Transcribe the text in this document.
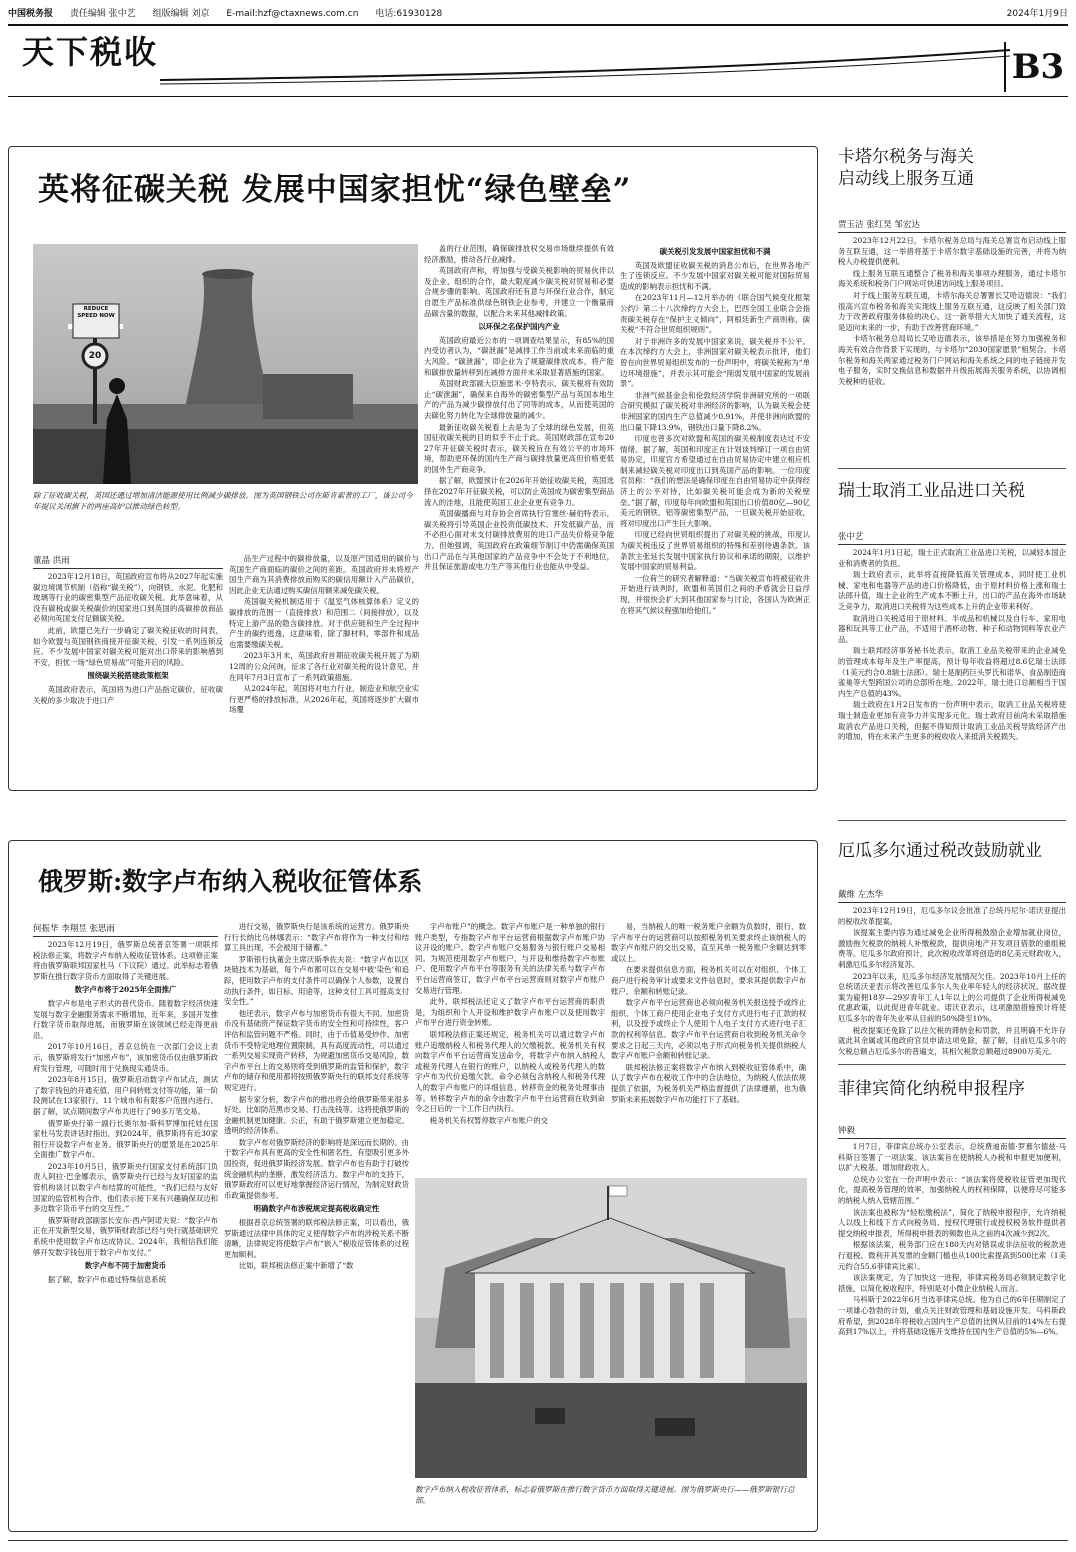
中国税务报 责任编辑 张中艺 组版编辑 刘京 E-mail:hzf@ctaxnews.com.cn 电话:61930128	2024年1月9日
天下税收	B3
英将征碳关税 发展中国家担忧“绿色壁垒”
REDUCE SPEED NOW
20
除了征收碳关税，英国还通过增加清洁能源使用比例减少碳排放。图为英国钢铁公司在斯肯索普的工厂，该公司今年提议关闭旗下的两座高炉以推动绿色转型。
董晶 洪雨

2023年12月18日，英国政府宣布将从2027年起实施碳边境调节机制（俗称“碳关税”），向钢铁、水泥、化肥和玻璃等行业的碳密集型产品征收碳关税。此举意味着，从没有碳税或碳关税碳价的国家进口到英国的高碳排放商品必须向英国支付足额碳关税。

此前，欧盟已先行一步确定了碳关税征收的时间表，如今欧盟与英国钢铁商接开征碳关税，引发一系列连锁反应。不少发展中国家对碳关税可能对出口带来的影响感到不安，担忧一场“绿色贸易战”可能开启的风险。

围绕碳关税搭建政策框架

英国政府表示，英国将为进口产品指定碳价，征收碳关税的多少取决于进口产

品生产过程中的碳排放量，以及原产国适用的碳价与英国生产商面临的碳价之间的差距。英国政府并未将原产国生产商为其消费排放而购买的碳信用额计入产品碳价，因此企业无法通过购买碳信用额来减免碳关税。

英国碳关税机制适用于《温室气体核算体系》定义的碳排放的范围一（直接排放）和范围二（间接排放），以及特定上游产品的隐含碳排放。对于供应链和生产全过程中产生的碳约逃逸，这意味着，除了脚材料，零部件和成品也需要缴碳关税。

2023年3月末，英国政府首期征收碳关税开展了为期12周的公众问询，征求了各行业对碳关税的设计意见，并在同年7月3日宣布了一系列政策措施。

从2024年起，英国将对电力行业、制造业和航空业实行更严格的排放标准，从2026年起，英国将逐步扩大碳市场覆

盖的行业范围，确保碳排放权交易市场继续提供有效经济激励，推动各行业减排。

英国政府声称，将加强与受碳关税影响的贸易伙伴以及企业、组织的合作，最大限度减少碳关税对贸易和必要合规步骤的影响。英国政府还有意与环保行业合作，制定自愿生产品标准供绿色钢铁企业参考，并建立一个衡量商品碳含量的数据，以配合未来其他减排政策。

以环保之名保护国内产业

英国政府最近公布的一项调查结果显示，有85%的国内受访者认为，“碳泄漏”是减排工作当前或未来面临的重大风险。“碳泄漏”，即企业为了规避碳排放成本，将产能和碳排放量转移到在减排方面并未采取显著措施的国家。

英国财政部副大臣施雷米·亨特表示，碳关税将有效防止“碳泄漏”，确保来自海外的碳密集型产品与英国本地生产的产品为减少碳排放付出了同等的成本，从而使英国的去碳化努力转化为全球排放量的减少。

最新征收碳关税看上去是为了全球的绿色发展，但英国征收碳关税的目的似乎不止于此。英国财政部在宣布2027年开征碳关税时表示，碳关税旨在有效公平的市场环境，帮助更环保的国内生产商与碳排放量更高但价格更低的国外生产商竞争。

据了解，欧盟预计在2026年开始征收碳关税，英国选择在2027年开征碳关税，可以防止英国成为碳密集型商品流入的洼地，且能使英国工业企业更有竞争力。

英国碳播商与对存协会首席执行官塞丝·赫伯特表示，碳关税将引导英国企业投资低碳技术、开发低碳产品，而不必担心面对未支付碳排放费用的进口产品失价格竞争能力。但她强调，英国政府在政策细节制订中仍需确保英国出口产品在与其他国家的产品竞争中不会处于不利地位，并且保证旅游或电力生产等其他行业也能从中受益。

碳关税引发发展中国家担忧和不满

英国及欧盟征收碳关税的消息公布后，在世界各地产生了连锁反应。不少发展中国家对碳关税可能对国际贸易造成的影响表示担忧和不满。

在2023年11月—12月举办的《联合国气候变化框架公约》第二十八次缔约方大会上，巴西全国工业联合会指责碳关税存在“保护主义倾向”，阿根廷新生产商则称，碳关税“不符合世贸组织规则”。

对于非洲许多的发展中国家来说，碳关税并不公平。在本次缔约方大会上，非洲国家对碳关税表示批评，他们曾在向世界贸易组织发布的一份声明中，将碳关税称为“单边环境措施”，并表示其可能会“削弱发展中国家的发展前景”。

非洲气候基金会和伦敦经济学院非洲研究所的一项联合研究模拟了碳关税对非洲经济的影响，认为碳关税会使非洲国家的国内生产总值减少0.91%，并使非洲向欧盟的出口量下降13.9%，钢铁出口量下降8.2%。

印度也曾多次对欧盟和英国的碳关税制度表达过不安情绪。据了解，英国和印度正在计划谈判缔订一项自由贸易协定，印度官方希望通过在自由贸易协定中建立相应机制来减轻碳关税对印度出口到英国产品的影响。一位印度官员称：“我们的想法是确保印度在自由贸易协定中获得经济上的公平对待，比如碳关税可能会成为新的关税壁垒。”据了解，印度每年向欧盟和英国出口价值80亿—90亿美元的钢铁、铝等碳密集型产品，一旦碳关税开始征收，将对印度出口产生巨大影响。

印度已经向世贸组织提出了对碳关税的挑战，印度认为碳关税违反了世界贸易组织的特殊和差别待遇条款。该条款主张延长发展中国家执行协议和承诺的期限，以维护发展中国家的贸易利益。

一位荷兰的研究者解释道：“当碳关税宣布将被征收并开始进行谈判时，欧盟和英国们之间的矛盾就会日益浮现，并很快会扩大到其他国家参与讨论，各国认为欧洲正在将其气候议程强加给他们。”

俄罗斯:数字卢布纳入税收征管体系
何振华 李翔昱 张思雨

2023年12月19日，俄罗斯总统普京签署一项联邦税法修正案，将数字卢布纳入税收征管体系。这项修正案将由俄罗斯联邦国家杜马（下议院）通过。此举标志着俄罗斯在推行数字货币方面取得了关键进展。

数字卢布将于2025年全面推广

数字卢布是电子形式的普代货币。随着数字经济快速发展与数字金融服务需求不断增加，近年来，多国开发推行数字货币取得进展，而俄罗斯在该领域已经走得更前沿。

2017年10月16日，普京总统在一次部门会议上表示，俄罗斯将发行“加密卢布”，该加密货币仅由俄罗斯政府发行管理，可随时用于兑换现实通货币。

2023年8月15日，俄罗斯启动数字卢布试点，测试了数字钱包的开通充值、用户间转账支付等功能，第一阶段测试在13家银行、11个城市和有限客户范围内进行。据了解，试点期间数字卢布共进行了90多万笔交易。

俄罗斯央行第一副行长奥尔加·斯科罗博加托娃在国家杜马发表讲话时指出，到2024年，俄罗斯将有近30家银行开设数字卢布业务。俄罗斯央行的愿景是在2025年全面推广数字卢布。

2023年10月5日，俄罗斯央行国家支付系统部门负责人阿拉·巴金娜表示，俄罗斯央行已经与友好国家的监管机构谈讨以数字卢布结算的可能性，“我们已经与友好国家的监管机构合作，他们表示接下来有兴趣确保双边和多边数字货币平台的交互性。”

俄罗斯财政部副部长安东·西卢阿诺夫说：“数字卢布正在开发新型交易，俄罗斯财政部已经与央行就基础研究系统中使用数字卢布达成协议。2024年，我相信我们能够开发数字钱包用于数字卢布支付。”

数字卢布不同于加密货币

据了解，数字卢布通过特殊信息系统

进行交易，俄罗斯央行是该系统的运营方。俄罗斯央行行长纳比乌林娜表示：“数字卢布将作为一种支付和结算工具出现，不会被用于储蓄。”

罗斯银行执董会主席沃斯季佐夫说：“数字卢布以区块链技术为基础，每个卢布都可以在交易中被‘染色’和追踪，使用数字卢布的支付条件可以确保个人参数，设置自动执行条件，如日标、用途等，这种支付工具可提高支付安全性。”

他还表示，数字卢布与加密货币有很大不同。加密货币没有基础资产保证数字货币的安全性和可持续性，客户评估和监管问题不严格。同时，由于币值易受炒作、加密货币不受特定地理位置限制，具有高度流动性，可以通过一系列交易实现资产转移，为规避加密货币交易风险，数字卢布平台上的交易则将受到俄罗斯的监管和保护，数字卢布的储存和使用都将按照俄罗斯央行的联邦支付系统等规定进行。

据专家分析，数字卢布的推出将会给俄罗斯带来很多好处。比如防范黑市交易、打击洗钱等。这将使俄罗斯的金融机制更加健康、公正，有助于俄罗斯建立更加稳定、透明的经济体系。

数字卢布对俄罗斯经济的影响将是深远而长期的。由于数字卢布具有更高的安全性和匿名性，有望吸引更多外国投资，促进俄罗斯经济发展。数字卢布也有助于打破传统金融机构的垄断，激发经济活力。数字卢布的支持下，俄罗斯政府可以更好地掌握经济运行情况，为制定财政货币政策提供参考。

明确数字卢布涉税规定提高税收确定性

根据普京总统签署的联邦税法修正案，可以看出，俄罗斯通过法律中具体的定义使得数字卢布的涉税关系不断清晰，法律规定将使数字卢布“嵌入”税收征管体系的过程更加顺利。

比如，联邦税法修正案中新增了“数

字卢布账户”的概念。数字卢布账户是一种单独的银行账户类型，专指数字卢布平台运营商根据数字卢布账户协议开设的账户。数字卢布账户交易服务与银行账户交易相同。为规范使用数字卢布账户，与开设和维持数字卢布账户、使用数字卢布平台等服务有关的法律关系与数字卢布平台运营商签订，数字卢布平台运营商则对数字卢布账户交易进行管理。

此外，联邦税法还定义了数字卢布平台运营商的职责是，为组织和个人开设和维护数字卢布账户以及使用数字卢布平台进行资金转账。

联邦税法修正案还规定，税务机关可以通过数字卢布账户追缴纳税人和税务代理人的欠缴税款。税务机关有权向数字卢布平台运营商发送命令，将数字卢布纳入纳税人或税务代理人在银行的账户，以纳税人或税务代理人的数字卢布为代价追缴欠款。命令必须包含纳税人和税务代理人的数字卢布账户的详细信息、转移资金的税务处理事由等。转移数字卢布的命令由数字卢布平台运营商在收到命令之日后的一个工作日内执行。

税务机关有权暂停数字卢布账户的交

易，当纳税人的唯一税务账户余额为负数时，银行、数字卢布平台的运营商可以按照税务机关要求终止该纳税人的数字卢布账户的交出交易，直至其单一税务账户余额达到零或以上。

在要求提供信息方面，税务机关可以在对组织、个体工商户进行税务审计或要求文件信息时，要求其提供数字卢布账户、余额和转账记录。

数字卢布平台运营商也必须向税务机关报送授予或终止组织、个体工商户使用企业电子支付方式进行电子汇款的权利，以及授予或终止个人使用个人电子支付方式进行电子汇款的权利等信息。数字卢布平台运营商自收到税务机关命令要求之日起三天内，必须以电子形式向税务机关提供纳税人数字卢布账户余额和转账记录。

联邦税法修正案将数字卢布纳入到税收征管体系中，确认了数字卢布在税收工作中的合法地位，为纳税人依法依规提供了依据，为税务机关严格监督提供了法律遵循，也为俄罗斯未来拓展数字卢布功能打下了基础。

数字卢布纳入税收征管体系，标志着俄罗斯在推行数字货币方面取得关键进展。图为俄罗斯央行——俄罗斯银行总部。
卡塔尔税务与海关
启动线上服务互通
贾玉洁 张红昊 邹宏达

2023年12月22日，卡塔尔税务总局与海关总署宣布启动线上服务互联互通，这一举措将基于卡塔尔数字基础设施的完善，并将为纳税人办税提供便利。

线上服务互联互通整合了税务和海关事项办理服务，通过卡塔尔海关系统和税务门户网站可快速访问线上服务项目。

对于线上服务互联互通，卡塔尔海关总署署长艾哈迈德说：“我们很高兴宣布税务和海关实现线上服务互联互通，这反映了相关部门致力于改善政府服务体验的决心。这一新举措大大加快了通关流程，这是迈向未来的一步，有助于改善营商环境。”

卡塔尔税务总局局长艾哈迈德表示，该举措是在努力加强税务和海关有效合作背景下实现的，与卡塔尔“2030国家愿景”相契合。卡塔尔税务和海关两家通过税务门户网站和海关系统之间的电子链接开发电子服务，实时交换信息和数据并升级拓展海关服务系统，以协调相关税种的征收。

瑞士取消工业品进口关税
张中艺

2024年1月1日起，瑞士正式取消工业品进口关税，以减轻本国企业和消费者的负担。

瑞士政府表示，此举将直接降低海关管理成本，同时使工业机械、家电和电器等产品的进口价格降低，由于原材料价格上涨和瑞士法郎升值，瑞士企业的生产成本不断上升，出口的产品在海外市场缺乏竞争力，取消进口关税将为这些成本上升的企业带来利好。

取消进口关税适用于原材料、半成品和机械以及自行车、家用电器和玩具等工业产品，不适用于酒杯动物、种子和动物饲料等农业产品。

瑞士联邦经济事务秘书处表示，取消工业品关税带来的企业减免的管理成本每年及生产率提高，预计每年收益将超过8.6亿瑞士法郎（1美元约合0.8瑞士法郎）。瑞士是制药巨头罗氏和诺华、食品制造商雀巢等大型跨国公司的总部所在地。2022年，瑞士进口总额相当于国内生产总值的43%。

瑞士政府在1月2日发布的一份声明中表示，取消工业品关税将使瑞士制造业更加有竞争力并实现多元化。瑞士政府目前尚未采取措施取消农产品进口关税，但据不得知预计取消工业品关税导致经济产出的增加，将在未来产生更多的税收收入来抵消关税损失。

厄瓜多尔通过税改鼓励就业
戴维 左杰华

2023年12月19日，厄瓜多尔议会批准了总统丹尼尔·诺沃亚提出的税收改革提案。

该提案主要内容为通过减免企业所得税鼓励企业增加就业岗位，激励拖欠税款的纳税人补缴税款，提供房地产开发项目借款的重组税费等。厄瓜多尔政府预计，此次税收改革将创造的8亿美元财政收入，刺激厄瓜多尔经济复苏。

2023年以来，厄瓜多尔经济发展情况欠佳。2023年10月上任的总统诺沃亚表示将改善厄瓜多尔人失业率年轻人的经济状况。据改提案为雇佣18岁—29岁青年工人1年以上的公司提供了企业所得税减免优惠政策，以此促进青年就业。诺沃亚表示，这项激励措施预计将使厄瓜多尔的青年失业率从目前的50%降至10%。

税改提案还免除了以往欠税的滞纳金和罚款，并且明确不允许存就此其余属或其他政府官员申请这项免除，据了解，目前厄瓜多尔的欠税总额占厄瓜多尔的普遍支，其相欠税款总额超过8900万美元。

菲律宾简化纳税申报程序
钟毅

1月7日，菲律宾总统办公室表示，总统费迪南德·罗慕尔德兹·马科斯日签署了一项法案。该法案旨在使纳税人办税和申报更加便利，以扩大税基、增加财政收入。

总统办公室在一份声明中表示：“该法案将使税收征管更加现代化，提高税务管理的效率，加强纳税人的权利保障，以便将尽可能多的纳税人纳入管辖范围。”

该法案也被称为“轻松缴税法”，简化了纳税申报程序，允许纳税人以线上和线下方式向税务局、授权代理银行或授权税务软件提供者提交纳税申报表，所得税申报表的频数也从之前的4次减少到2次。

根据该法案，税务部门应在180天内对错误或非法征收的税款进行退税。微利开具发票的金额门槛也从100比索提高到500比索（1美元约合55.6菲律宾比索）。

该法案规定，为了加快这一进程，菲律宾税务局必须制定数字化措施，以简化税收程序，特别是对小微企业纳税人而言。

马科斯于2022年6月当选菲律宾总统。他为自己的6年任期制定了一项雄心勃勃的计划，重点关注财政管理和基础设施开发。马科斯政府希望，到2028年将税收占国内生产总值的比例从目前的14%左右提高到17%以上，并将基础设施开支维持在国内生产总值的5%—6%。
